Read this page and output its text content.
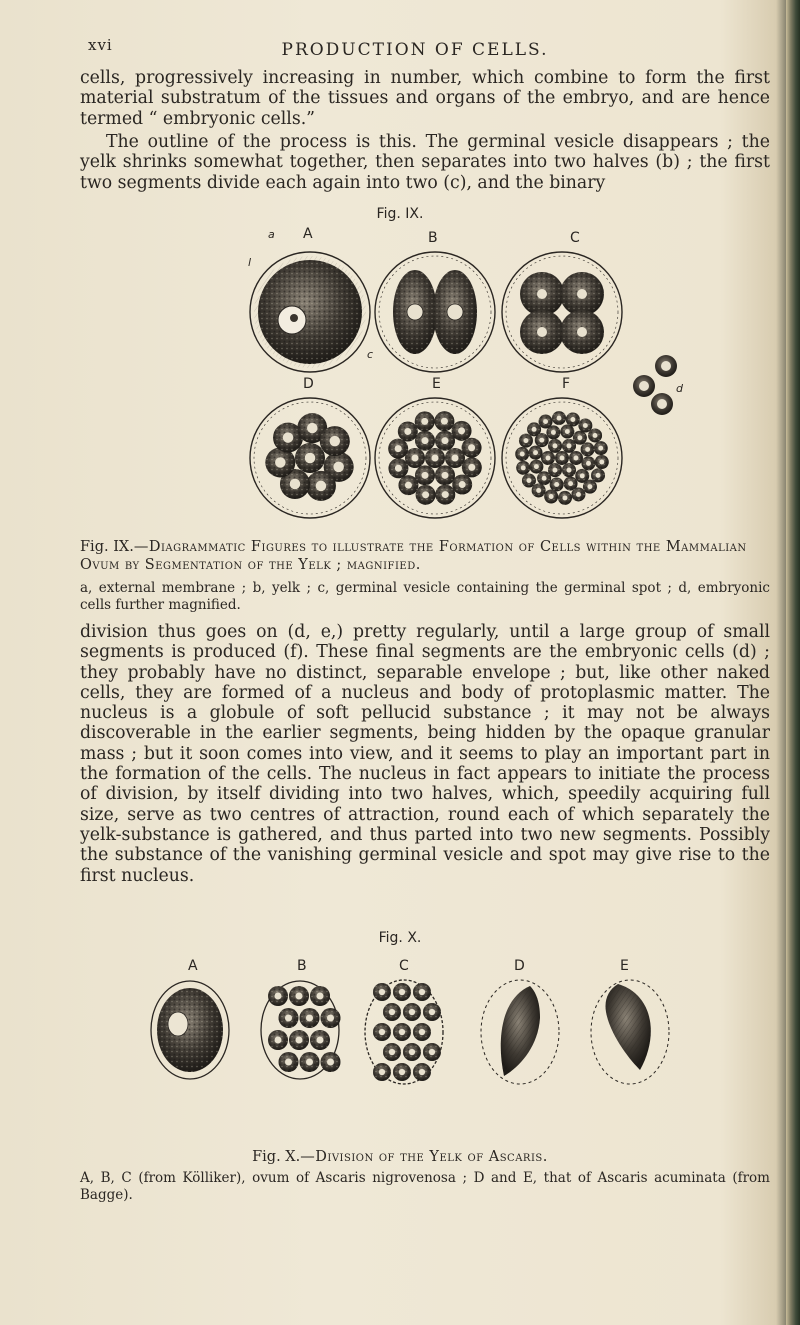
xvi	PRODUCTION OF CELLS.
cells, progressively increasing in number, which combine to form the first material substratum of the tissues and organs of the embryo, and are hence termed “ embryonic cells.”
The outline of the process is this. The germinal vesicle disappears ; the yelk shrinks somewhat together, then separates into two halves (b) ; the first two segments divide each again into two (c), and the binary
Fig. IX.
a
l
A	B	C
c
D	E	F	d
Fig. IX.—Diagrammatic Figures to illustrate the Formation of Cells within the Mammalian Ovum by Segmentation of the Yelk ; magnified.
a, external membrane ; b, yelk ; c, germinal vesicle containing the germinal spot ; d, embryonic cells further magnified.
division thus goes on (d, e,) pretty regularly, until a large group of small segments is produced (f). These final segments are the embryonic cells (d) ; they probably have no distinct, separable envelope ; but, like other naked cells, they are formed of a nucleus and body of protoplasmic matter. The nucleus is a globule of soft pellucid substance ; it may not be always discoverable in the earlier segments, being hidden by the opaque granular mass ; but it soon comes into view, and it seems to play an important part in the formation of the cells. The nucleus in fact appears to initiate the process of division, by itself dividing into two halves, which, speedily acquiring full size, serve as two centres of attraction, round each of which separately the yelk-substance is gathered, and thus parted into two new segments. Possibly the substance of the vanishing germinal vesicle and spot may give rise to the first nucleus.
Fig. X.
A	B	C	D	E
Fig. X.—Division of the Yelk of Ascaris.
A, B, C (from Kölliker), ovum of Ascaris nigrovenosa ; D and E, that of Ascaris acuminata (from Bagge).
